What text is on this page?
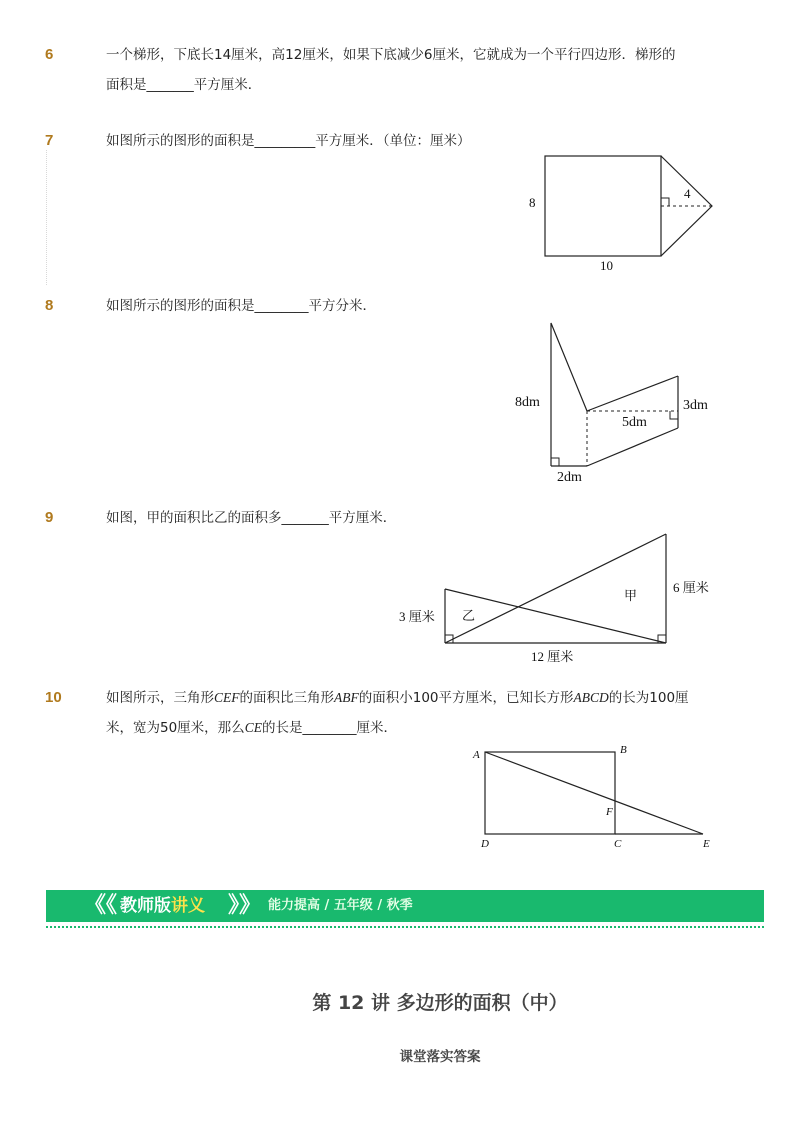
6	一个梯形，下底长14厘米，高12厘米，如果下底减少6厘米，它就成为一个平行四边形．梯形的
面积是_______平方厘米．
7	如图所示的图形的面积是_________平方厘米．（单位：厘米）
8
10
4
8	如图所示的图形的面积是________平方分米．
8dm	3dm
5dm
2dm
9	如图，甲的面积比乙的面积多_______平方厘米．
3 厘米
6 厘米
12 厘米
甲
乙
10	如图所示，三角形CEF的面积比三角形ABF的面积小100平方厘米，已知长方形ABCD的长为100厘
米，宽为50厘米，那么CE的长是________厘米．
A	B
F
D	C	E
《《 教师版讲义 》》 能力提高 / 五年级 / 秋季
第 12 讲 多边形的面积（中）
课堂落实答案
